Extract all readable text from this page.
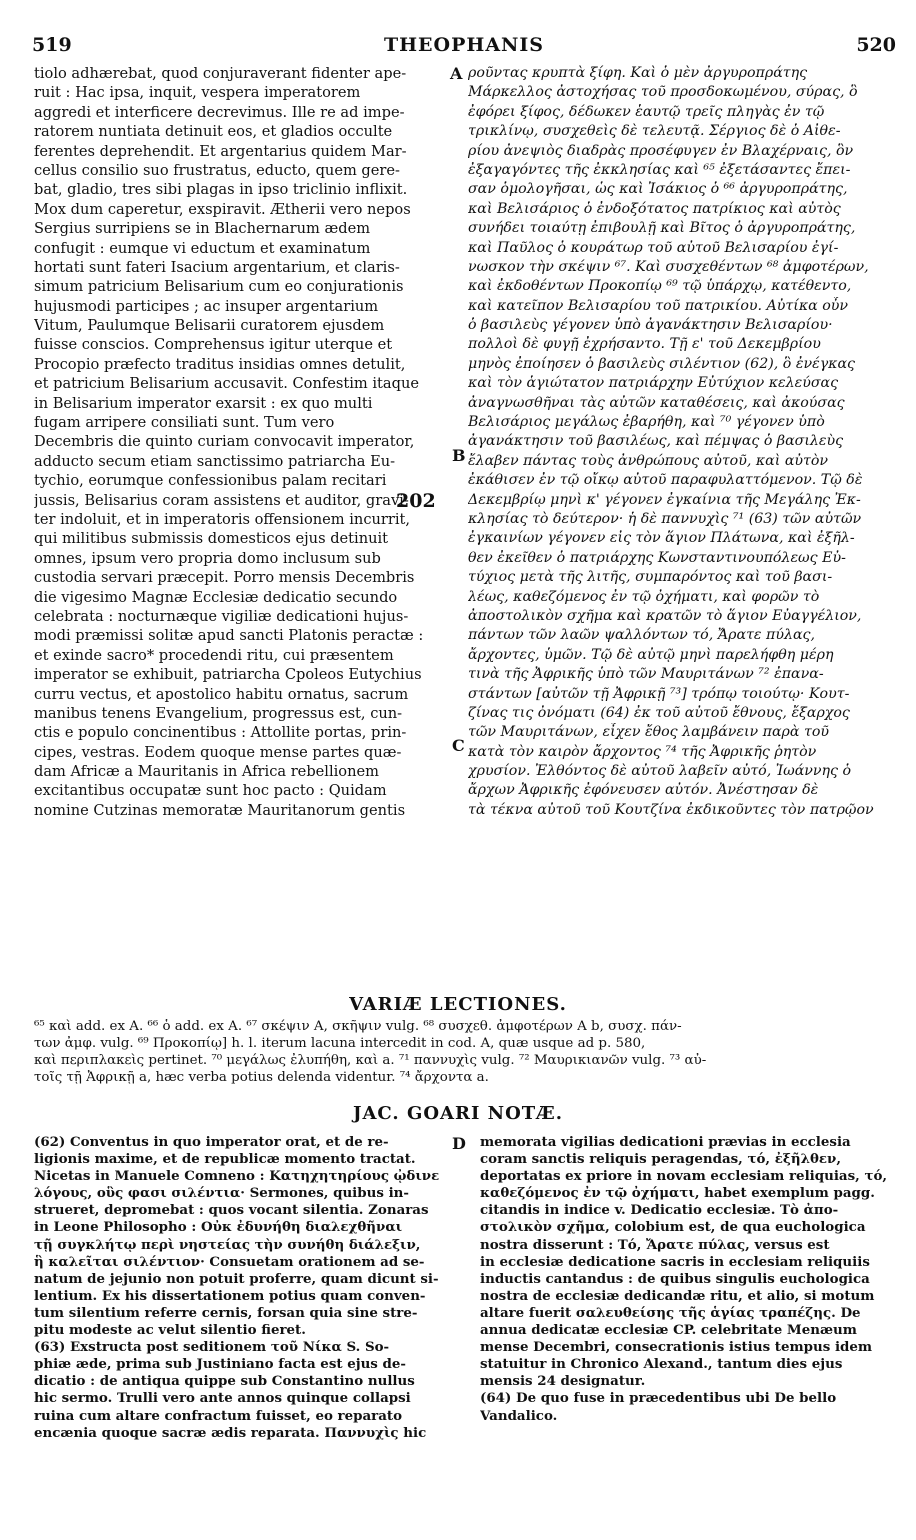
519	THEOPHANIS	520
tiolo adhærebat, quod conjuraverant fidenter ape-
ruit : Hac ipsa, inquit, vespera imperatorem
aggredi et interficere decrevimus. Ille re ad impe-
ratorem nuntiata detinuit eos, et gladios occulte
ferentes deprehendit. Et argentarius quidem Mar-
cellus consilio suo frustratus, educto, quem gere-
bat, gladio, tres sibi plagas in ipso triclinio inflixit.
Mox dum caperetur, exspiravit. Ætherii vero nepos
Sergius surripiens se in Blachernarum ædem
confugit : eumque vi eductum et examinatum
hortati sunt fateri Isacium argentarium, et claris-
simum patricium Belisarium cum eo conjurationis
hujusmodi participes ; ac insuper argentarium
Vitum, Paulumque Belisarii curatorem ejusdem
fuisse conscios. Comprehensus igitur uterque et
Procopio præfecto traditus insidias omnes detulit,
et patricium Belisarium accusavit. Confestim itaque
in Belisarium imperator exarsit : ex quo multi
fugam arripere consiliati sunt. Tum vero
Decembris die quinto curiam convocavit imperator,
adducto secum etiam sanctissimo patriarcha Eu-
tychio, eorumque confessionibus palam recitari
jussis, Belisarius coram assistens et auditor, gravi-
ter indoluit, et in imperatoris offensionem incurrit,
qui militibus submissis domesticos ejus detinuit
omnes, ipsum vero propria domo inclusum sub
custodia servari præcepit. Porro mensis Decembris
die vigesimo Magnæ Ecclesiæ dedicatio secundo
celebrata : nocturnæque vigiliæ dedicationi hujus-
modi præmissi solitæ apud sancti Platonis peractæ :
et exinde sacro* procedendi ritu, cui præsentem
imperator se exhibuit, patriarcha Cpoleos Eutychius
curru vectus, et apostolico habitu ornatus, sacrum
manibus tenens Evangelium, progressus est, cun-
ctis e populo concinentibus : Attollite portas, prin-
cipes, vestras. Eodem quoque mense partes quæ-
dam Africæ a Mauritanis in Africa rebellionem
excitantibus occupatæ sunt hoc pacto : Quidam
nomine Cutzinas memoratæ Mauritanorum gentis
ροῦντας κρυπτὰ ξίφη. Καὶ ὁ μὲν ἀργυροπράτης
Μάρκελλος ἀστοχήσας τοῦ προσδοκωμένου, σύρας, ὃ
ἐφόρει ξίφος, δέδωκεν ἑαυτῷ τρεῖς πληγὰς ἐν τῷ
τρικλίνῳ, συσχεθεὶς δὲ τελευτᾷ. Σέργιος δὲ ὁ Αἰθε-
ρίου ἀνεψιὸς διαδρὰς προσέφυγεν ἐν Βλαχέρναις, ὃν
ἐξαγαγόντες τῆς ἐκκλησίας καὶ ⁶⁵ ἐξετάσαντες ἔπει-
σαν ὁμολογῆσαι, ὡς καὶ Ἰσάκιος ὁ ⁶⁶ ἀργυροπράτης,
καὶ Βελισάριος ὁ ἐνδοξότατος πατρίκιος καὶ αὐτὸς
συνήδει τοιαύτῃ ἐπιβουλῇ καὶ Βῖτος ὁ ἀργυροπράτης,
καὶ Παῦλος ὁ κουράτωρ τοῦ αὐτοῦ Βελισαρίου ἐγί-
νωσκον τὴν σκέψιν ⁶⁷. Καὶ συσχεθέντων ⁶⁸ ἀμφοτέρων,
καὶ ἐκδοθέντων Προκοπίῳ ⁶⁹ τῷ ὑπάρχῳ, κατέθεντο,
καὶ κατεῖπον Βελισαρίου τοῦ πατρικίου. Αὐτίκα οὖν
ὁ βασιλεὺς γέγονεν ὑπὸ ἀγανάκτησιν Βελισαρίου·
πολλοὶ δὲ φυγῇ ἐχρήσαντο. Τῇ ε' τοῦ Δεκεμβρίου
μηνὸς ἐποίησεν ὁ βασιλεὺς σιλέντιον (62), ὃ ἐνέγκας
καὶ τὸν ἁγιώτατον πατριάρχην Εὐτύχιον κελεύσας
ἀναγνωσθῆναι τὰς αὐτῶν καταθέσεις, καὶ ἀκούσας
Βελισάριος μεγάλως ἐβαρήθη, καὶ ⁷⁰ γέγονεν ὑπὸ
ἀγανάκτησιν τοῦ βασιλέως, καὶ πέμψας ὁ βασιλεὺς
ἔλαβεν πάντας τοὺς ἀνθρώπους αὐτοῦ, καὶ αὐτὸν
ἐκάθισεν ἐν τῷ οἴκῳ αὐτοῦ παραφυλαττόμενον. Τῷ δὲ
Δεκεμβρίῳ μηνὶ κ' γέγονεν ἐγκαίνια τῆς Μεγάλης Ἐκ-
κλησίας τὸ δεύτερον· ἡ δὲ παννυχὶς ⁷¹ (63) τῶν αὐτῶν
ἐγκαινίων γέγονεν εἰς τὸν ἅγιον Πλάτωνα, καὶ ἐξῆλ-
θεν ἐκεῖθεν ὁ πατριάρχης Κωνσταντινουπόλεως Εὐ-
τύχιος μετὰ τῆς λιτῆς, συμπαρόντος καὶ τοῦ βασι-
λέως, καθεζόμενος ἐν τῷ ὀχήματι, καὶ φορῶν τὸ
ἀποστολικὸν σχῆμα καὶ κρατῶν τὸ ἅγιον Εὐαγγέλιον,
πάντων τῶν λαῶν ψαλλόντων τό, Ἄρατε πύλας,
ἄρχοντες, ὑμῶν. Τῷ δὲ αὐτῷ μηνὶ παρελήφθη μέρη
τινὰ τῆς Ἀφρικῆς ὑπὸ τῶν Μαυριτάνων ⁷² ἐπανα-
στάντων [αὐτῶν τῇ Ἀφρικῇ ⁷³] τρόπῳ τοιούτῳ· Κουτ-
ζίνας τις ὀνόματι (64) ἐκ τοῦ αὐτοῦ ἔθνους, ἔξαρχος
τῶν Μαυριτάνων, εἶχεν ἔθος λαμβάνειν παρὰ τοῦ
κατὰ τὸν καιρὸν ἄρχοντος ⁷⁴ τῆς Ἀφρικῆς ῥητὸν
χρυσίον. Ἐλθόντος δὲ αὐτοῦ λαβεῖν αὐτό, Ἰωάννης ὁ
ἄρχων Ἀφρικῆς ἐφόνευσεν αὐτόν. Ἀνέστησαν δὲ
τὰ τέκνα αὐτοῦ τοῦ Κουτζίνα ἐκδικοῦντες τὸν πατρῷον
A
B
C
202
VARIÆ LECTIONES.
⁶⁵ καὶ add. ex A. ⁶⁶ ὁ add. ex A. ⁶⁷ σκέψιν A, σκῆψιν vulg. ⁶⁸ συσχεθ. ἀμφοτέρων A b, συσχ. πάν-
των ἀμφ. vulg. ⁶⁹ Προκοπίῳ] h. l. iterum lacuna intercedit in cod. A, quæ usque ad p. 580,
καὶ περιπλακεὶς pertinet. ⁷⁰ μεγάλως ἐλυπήθη, καὶ a. ⁷¹ παννυχὶς vulg. ⁷² Μαυρικιανῶν vulg. ⁷³ αὐ-
τοῖς τῇ Ἀφρικῇ a, hæc verba potius delenda videntur. ⁷⁴ ἄρχοντα a.
JAC. GOARI NOTÆ.
(62) Conventus in quo imperator orat, et de re-
ligionis maxime, et de republicæ momento tractat.
Nicetas in Manuele Comneno : Κατηχητηρίους ᾠδινε
λόγους, οὓς φασι σιλέντια· Sermones, quibus in-
strueret, depromebat : quos vocant silentia. Zonaras
in Leone Philosopho : Οὐκ ἐδυνήθη διαλεχθῆναι
τῇ συγκλήτῳ περὶ νηστείας τὴν συνήθη διάλεξιν,
ἣ καλεῖται σιλέντιον· Consuetam orationem ad se-
natum de jejunio non potuit proferre, quam dicunt si-
lentium. Ex his dissertationem potius quam conven-
tum silentium referre cernis, forsan quia sine stre-
pitu modeste ac velut silentio fieret.
(63) Exstructa post seditionem τοῦ Νίκα S. So-
phiæ æde, prima sub Justiniano facta est ejus de-
dicatio : de antiqua quippe sub Constantino nullus
hic sermo. Trulli vero ante annos quinque collapsi
ruina cum altare confractum fuisset, eo reparato
encænia quoque sacræ ædis reparata. Παννυχὶς hic
memorata vigilias dedicationi prævias in ecclesia
coram sanctis reliquis peragendas, τό, ἐξῆλθεν,
deportatas ex priore in novam ecclesiam reliquias, τό,
καθεζόμενος ἐν τῷ ὀχήματι, habet exemplum pagg.
citandis in indice v. Dedicatio ecclesiæ. Τὸ ἀπο-
στολικὸν σχῆμα, colobium est, de qua euchologica
nostra disserunt : Τό, Ἄρατε πύλας, versus est
in ecclesiæ dedicatione sacris in ecclesiam reliquiis
inductis cantandus : de quibus singulis euchologica
nostra de ecclesiæ dedicandæ ritu, et alio, si motum
altare fuerit σαλευθείσης τῆς ἁγίας τραπέζης. De
annua dedicatæ ecclesiæ CP. celebritate Menæum
mense Decembri, consecrationis istius tempus idem
statuitur in Chronico Alexand., tantum dies ejus
mensis 24 designatur.
(64) De quo fuse in præcedentibus ubi De bello
Vandalico.
D
